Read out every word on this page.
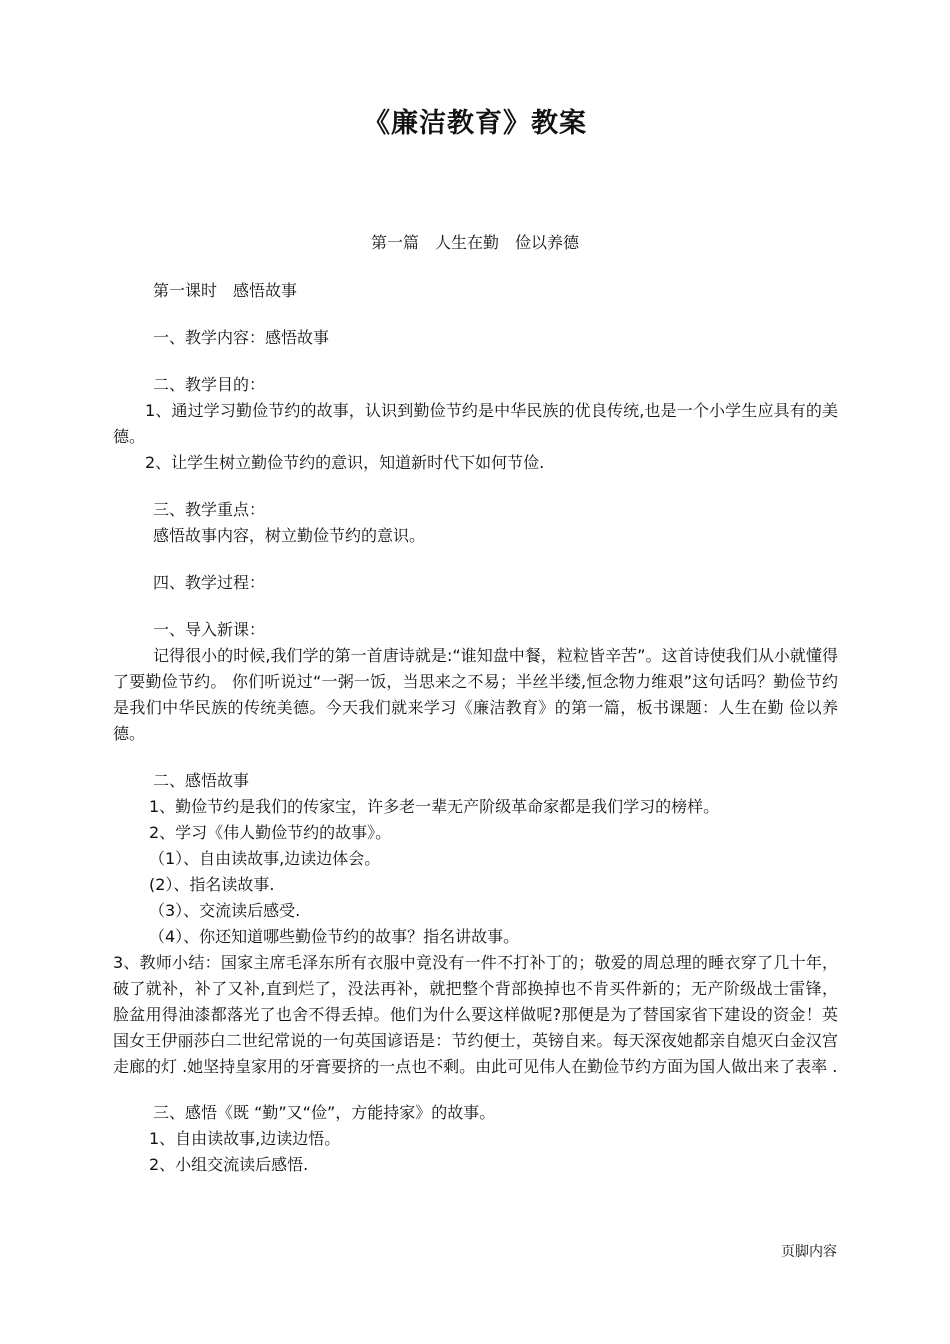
《廉洁教育》教案
第一篇　人生在勤　俭以养德

第一课时　感悟故事

一、教学内容：感悟故事

二、教学目的：

1、通过学习勤俭节约的故事，认识到勤俭节约是中华民族的优良传统,也是一个小学生应具有的美德。

2、让学生树立勤俭节约的意识，知道新时代下如何节俭.

三、教学重点：

感悟故事内容，树立勤俭节约的意识。

四、教学过程：

一、导入新课：

记得很小的时候,我们学的第一首唐诗就是:“谁知盘中餐，粒粒皆辛苦”。这首诗使我们从小就懂得了要勤俭节约。 你们听说过“一粥一饭，当思来之不易；半丝半缕,恒念物力维艰”这句话吗？勤俭节约是我们中华民族的传统美德。今天我们就来学习《廉洁教育》的第一篇，板书课题：人生在勤 俭以养德。

二、感悟故事

1、勤俭节约是我们的传家宝，许多老一辈无产阶级革命家都是我们学习的榜样。

2、学习《伟人勤俭节约的故事》。

（1）、自由读故事,边读边体会。

(2）、指名读故事.

（3）、交流读后感受.

（4）、你还知道哪些勤俭节约的故事？指名讲故事。

3、教师小结：国家主席毛泽东所有衣服中竟没有一件不打补丁的；敬爱的周总理的睡衣穿了几十年，破了就补，补了又补,直到烂了，没法再补，就把整个背部换掉也不肯买件新的；无产阶级战士雷锋，脸盆用得油漆都落光了也舍不得丢掉。他们为什么要这样做呢?那便是为了替国家省下建设的资金！英国女王伊丽莎白二世纪常说的一句英国谚语是：节约便士，英镑自来。每天深夜她都亲自熄灭白金汉宫走廊的灯 .她坚持皇家用的牙膏要挤的一点也不剩。由此可见伟人在勤俭节约方面为国人做出来了表率 .

三、感悟《既 “勤”又“俭”，方能持家》的故事。

1、自由读故事,边读边悟。

2、小组交流读后感悟.

页脚内容
